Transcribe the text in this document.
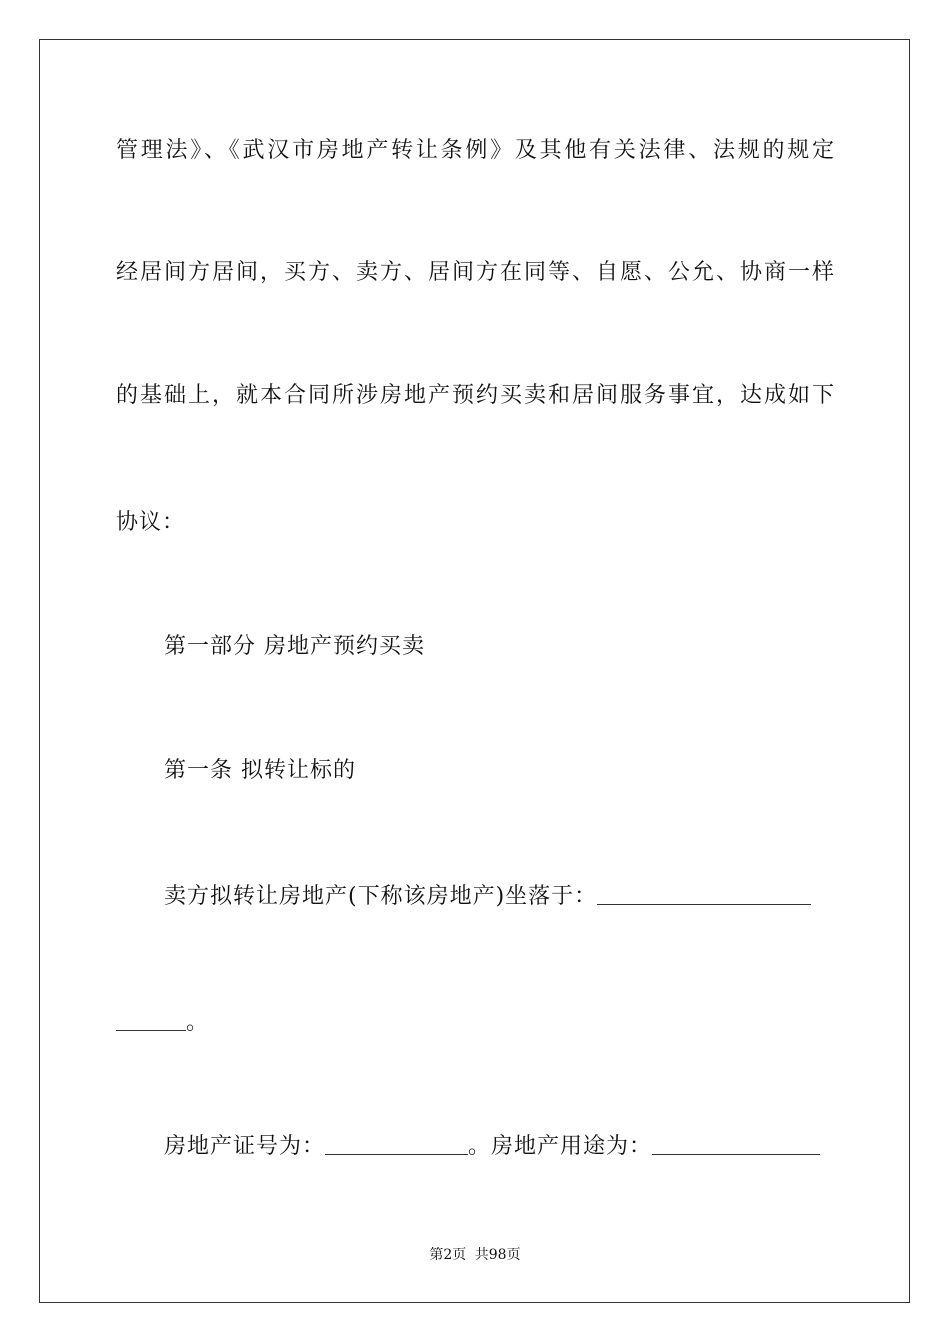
管理法》、《武汉市房地产转让条例》及其他有关法律、法规的规定
经居间方居间，买方、卖方、居间方在同等、自愿、公允、协商一样
的基础上，就本合同所涉房地产预约买卖和居间服务事宜，达成如下
协议：
第一部分 房地产预约买卖
第一条 拟转让标的
卖方拟转让房地产(下称该房地产)坐落于：
。
房地产证号为：	。房地产用途为：
第2页 共98页
